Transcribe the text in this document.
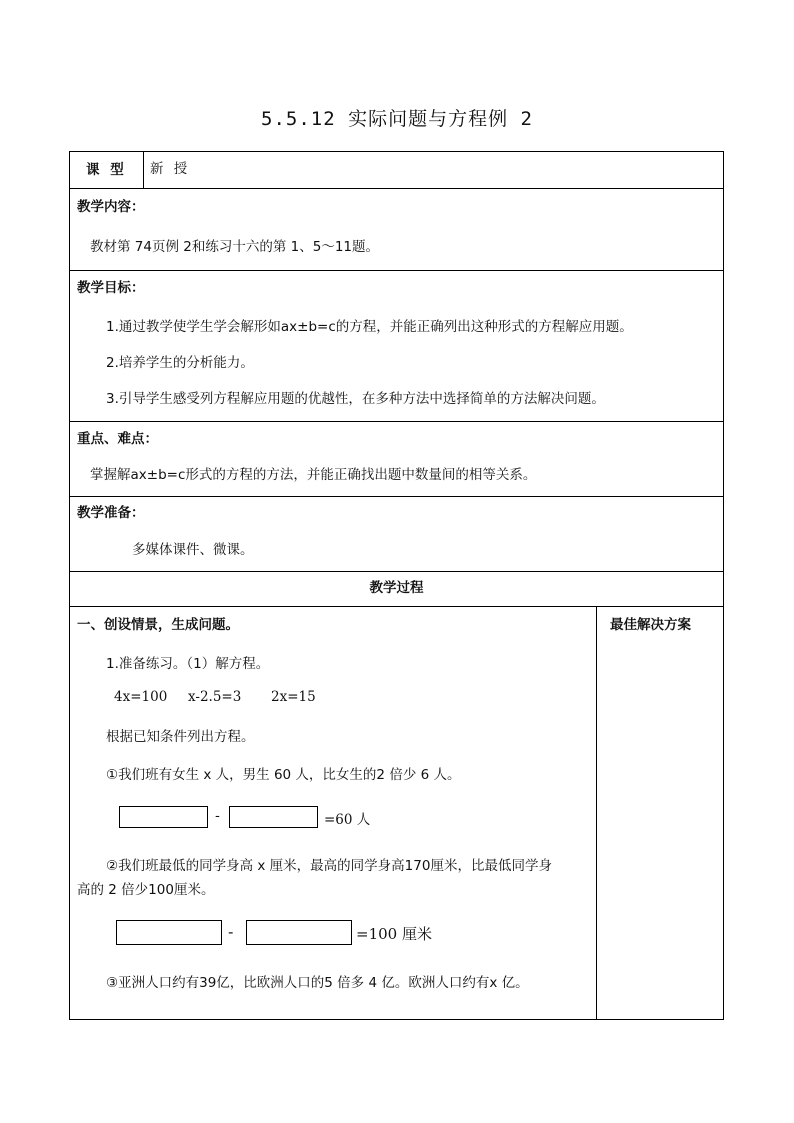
5.5.12 实际问题与方程例 2
课 型 新 授
教学内容：
教材第 74页例 2和练习十六的第 1、5～11题。
教学目标：
1.通过教学使学生学会解形如ax±b=c的方程，并能正确列出这种形式的方程解应用题。
2.培养学生的分析能力。
3.引导学生感受列方程解应用题的优越性，在多种方法中选择简单的方法解决问题。
重点、难点：
掌握解ax±b=c形式的方程的方法，并能正确找出题中数量间的相等关系。
教学准备：
多媒体课件、微课。
教学过程
一、创设情景，生成问题。	最佳解决方案
1.准备练习。（1）解方程。
4x=100 x-2.5=3 2x=15
根据已知条件列出方程。
①我们班有女生 x 人，男生 60 人，比女生的2 倍少 6 人。
-	=60 人
②我们班最低的同学身高 x 厘米，最高的同学身高170厘米，比最低同学身
高的 2 倍少100厘米。
-	=100 厘米
③亚洲人口约有39亿，比欧洲人口的5 倍多 4 亿。欧洲人口约有x 亿。
